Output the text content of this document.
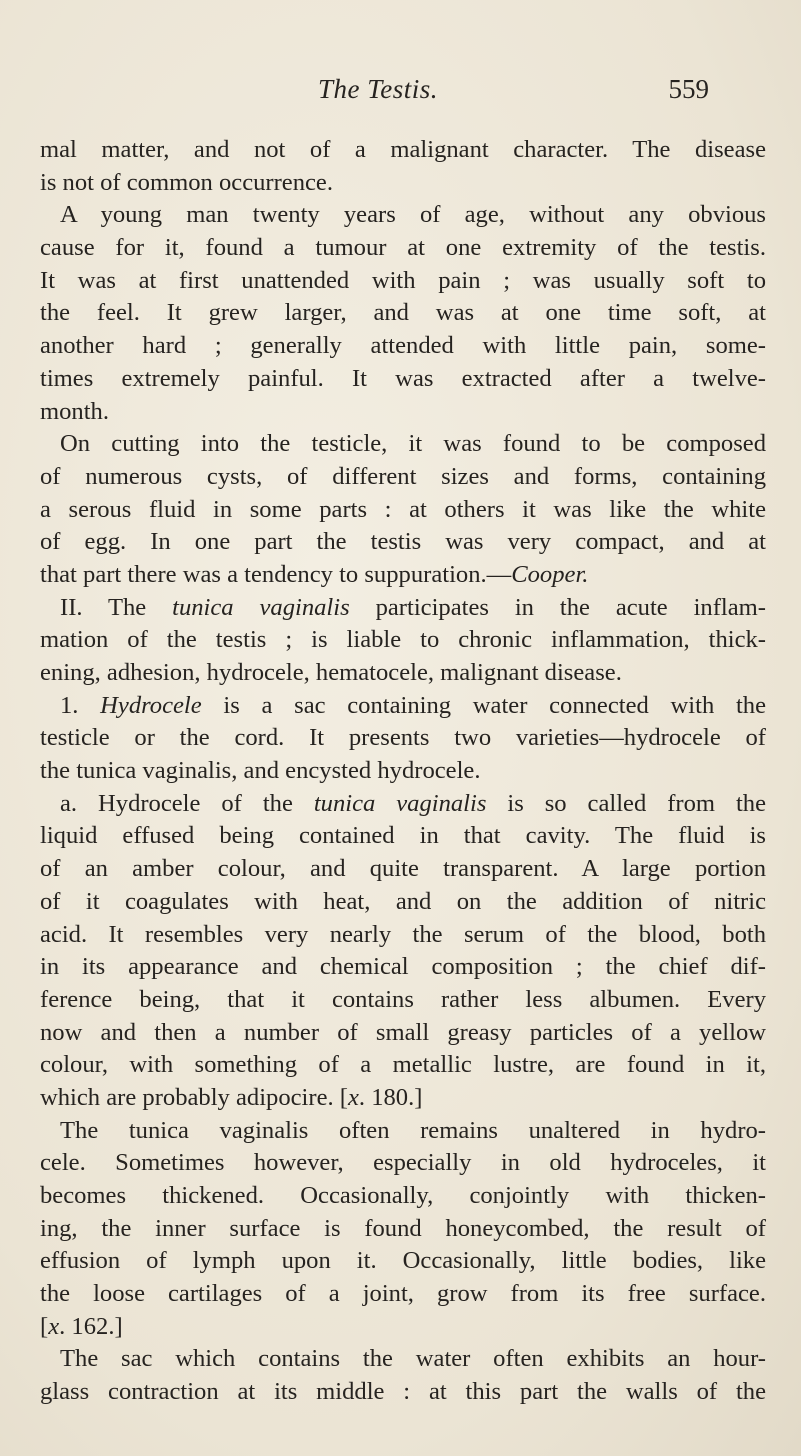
The Testis.	559
mal matter, and not of a malignant character. The disease
is not of common occurrence.
A young man twenty years of age, without any obvious
cause for it, found a tumour at one extremity of the testis.
It was at first unattended with pain ; was usually soft to
the feel. It grew larger, and was at one time soft, at
another hard ; generally attended with little pain, some-
times extremely painful. It was extracted after a twelve-
month.
On cutting into the testicle, it was found to be composed
of numerous cysts, of different sizes and forms, containing
a serous fluid in some parts : at others it was like the white
of egg. In one part the testis was very compact, and at
that part there was a tendency to suppuration.—Cooper.
II. The tunica vaginalis participates in the acute inflam-
mation of the testis ; is liable to chronic inflammation, thick-
ening, adhesion, hydrocele, hematocele, malignant disease.
1. Hydrocele is a sac containing water connected with the
testicle or the cord. It presents two varieties—hydrocele of
the tunica vaginalis, and encysted hydrocele.
a. Hydrocele of the tunica vaginalis is so called from the
liquid effused being contained in that cavity. The fluid is
of an amber colour, and quite transparent. A large portion
of it coagulates with heat, and on the addition of nitric
acid. It resembles very nearly the serum of the blood, both
in its appearance and chemical composition ; the chief dif-
ference being, that it contains rather less albumen. Every
now and then a number of small greasy particles of a yellow
colour, with something of a metallic lustre, are found in it,
which are probably adipocire. [x. 180.]
The tunica vaginalis often remains unaltered in hydro-
cele. Sometimes however, especially in old hydroceles, it
becomes thickened. Occasionally, conjointly with thicken-
ing, the inner surface is found honeycombed, the result of
effusion of lymph upon it. Occasionally, little bodies, like
the loose cartilages of a joint, grow from its free surface.
[x. 162.]
The sac which contains the water often exhibits an hour-
glass contraction at its middle : at this part the walls of the
